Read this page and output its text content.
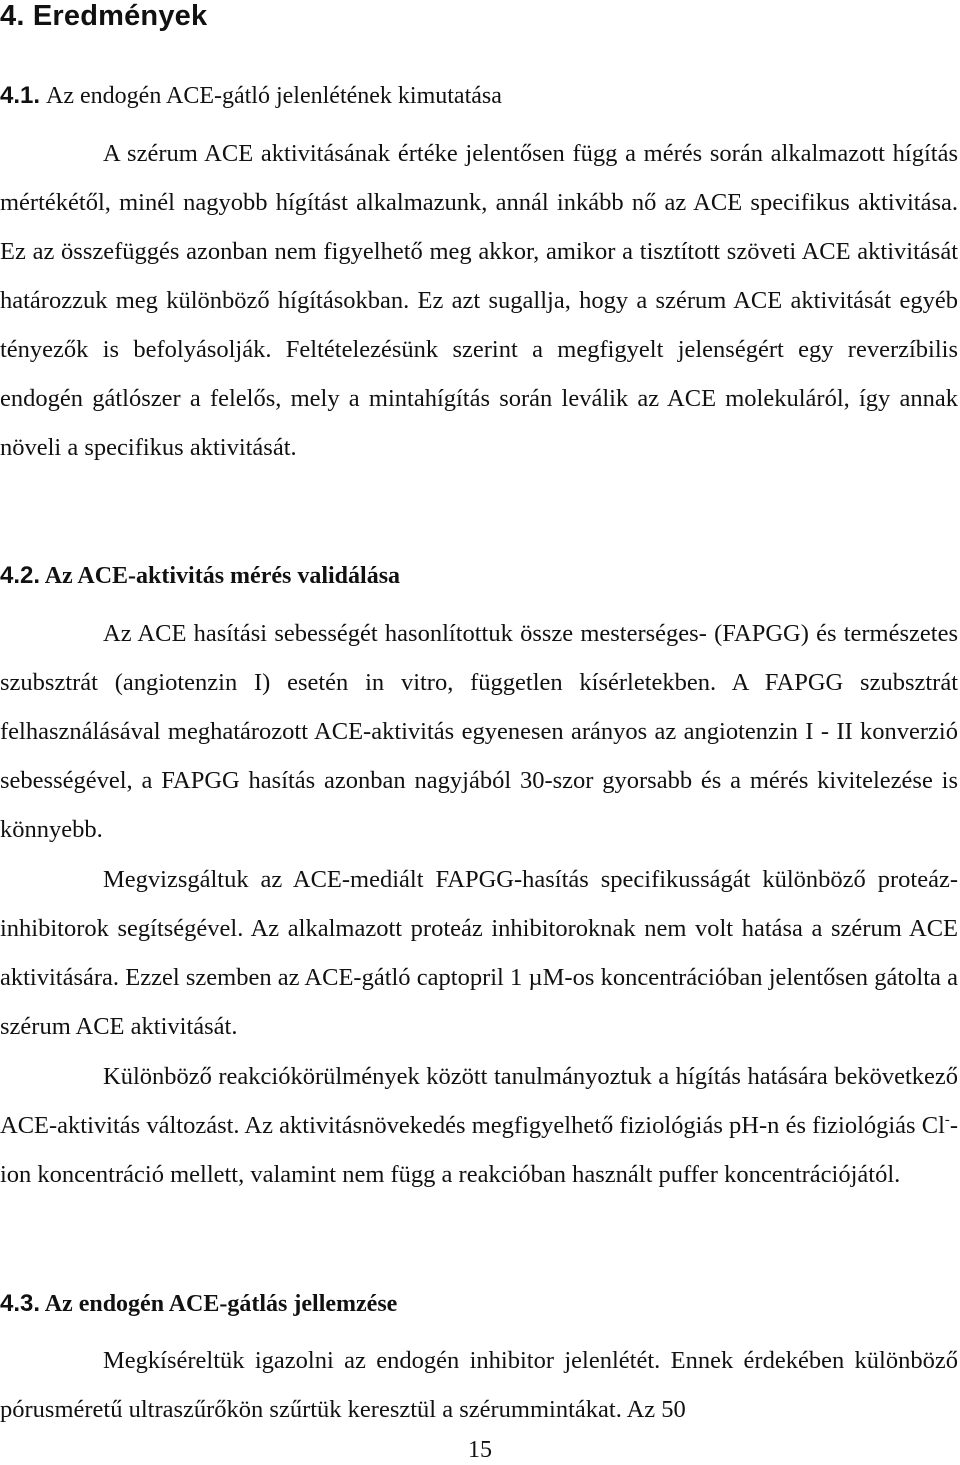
4. Eredmények
4.1. Az endogén ACE-gátló jelenlétének kimutatása

A szérum ACE aktivitásának értéke jelentősen függ a mérés során alkalmazott hígítás mértékétől, minél nagyobb hígítást alkalmazunk, annál inkább nő az ACE specifikus aktivitása. Ez az összefüggés azonban nem figyelhető meg akkor, amikor a tisztított szöveti ACE aktivitását határozzuk meg különböző hígításokban. Ez azt sugallja, hogy a szérum ACE aktivitását egyéb tényezők is befolyásolják. Feltételezésünk szerint a megfigyelt jelenségért egy reverzíbilis endogén gátlószer a felelős, mely a mintahígítás során leválik az ACE molekuláról, így annak növeli a specifikus aktivitását.

4.2. Az ACE-aktivitás mérés validálása

Az ACE hasítási sebességét hasonlítottuk össze mesterséges- (FAPGG) és természetes szubsztrát (angiotenzin I) esetén in vitro, független kísérletekben. A FAPGG szubsztrát felhasználásával meghatározott ACE-aktivitás egyenesen arányos az angiotenzin I - II konverzió sebességével, a FAPGG hasítás azonban nagyjából 30-szor gyorsabb és a mérés kivitelezése is könnyebb.

Megvizsgáltuk az ACE-mediált FAPGG-hasítás specifikusságát különböző proteáz-inhibitorok segítségével. Az alkalmazott proteáz inhibitoroknak nem volt hatása a szérum ACE aktivitására. Ezzel szemben az ACE-gátló captopril 1 µM-os koncentrációban jelentősen gátolta a szérum ACE aktivitását.

Különböző reakciókörülmények között tanulmányoztuk a hígítás hatására bekövetkező ACE-aktivitás változást. Az aktivitásnövekedés megfigyelhető fiziológiás pH-n és fiziológiás Cl--ion koncentráció mellett, valamint nem függ a reakcióban használt puffer koncentrációjától.

4.3. Az endogén ACE-gátlás jellemzése

Megkíséreltük igazolni az endogén inhibitor jelenlétét. Ennek érdekében különböző pórusméretű ultraszűrőkön szűrtük keresztül a szérummintákat. Az 50

15
